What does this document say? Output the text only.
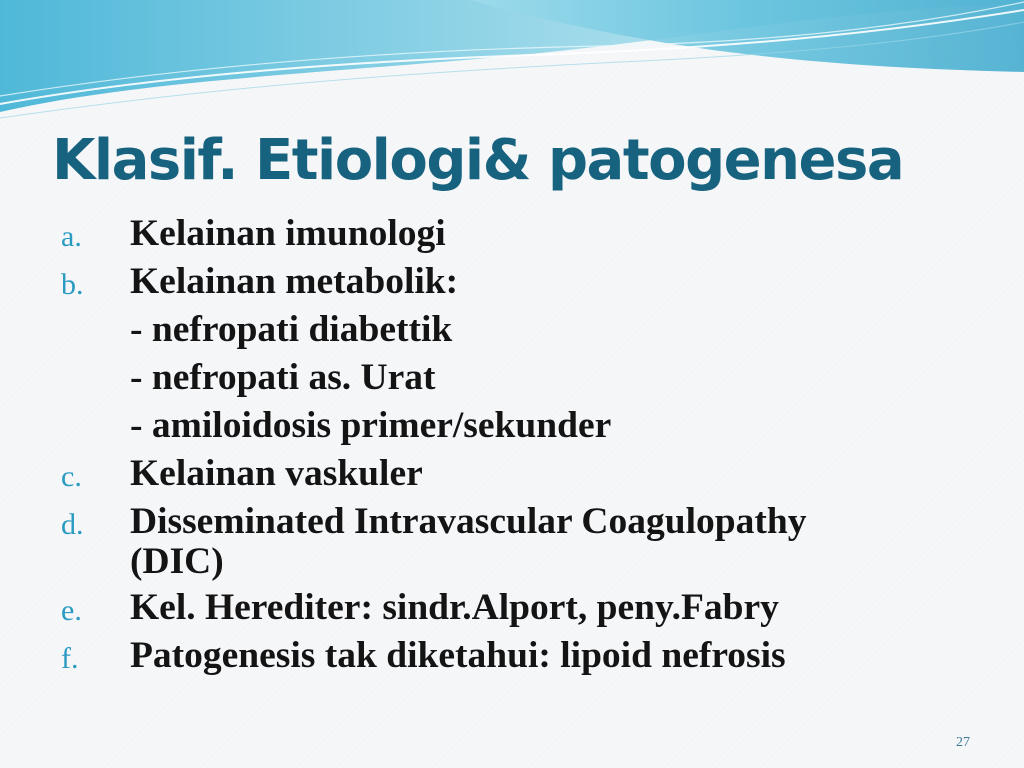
Klasif. Etiologi& patogenesa
a. Kelainan imunologi
b. Kelainan metabolik:
- nefropati diabettik
- nefropati as. Urat
- amiloidosis primer/sekunder
c. Kelainan vaskuler
d. Disseminated Intravascular Coagulopathy
(DIC)
e. Kel. Herediter: sindr.Alport, peny.Fabry
f. Patogenesis tak diketahui: lipoid nefrosis
27
